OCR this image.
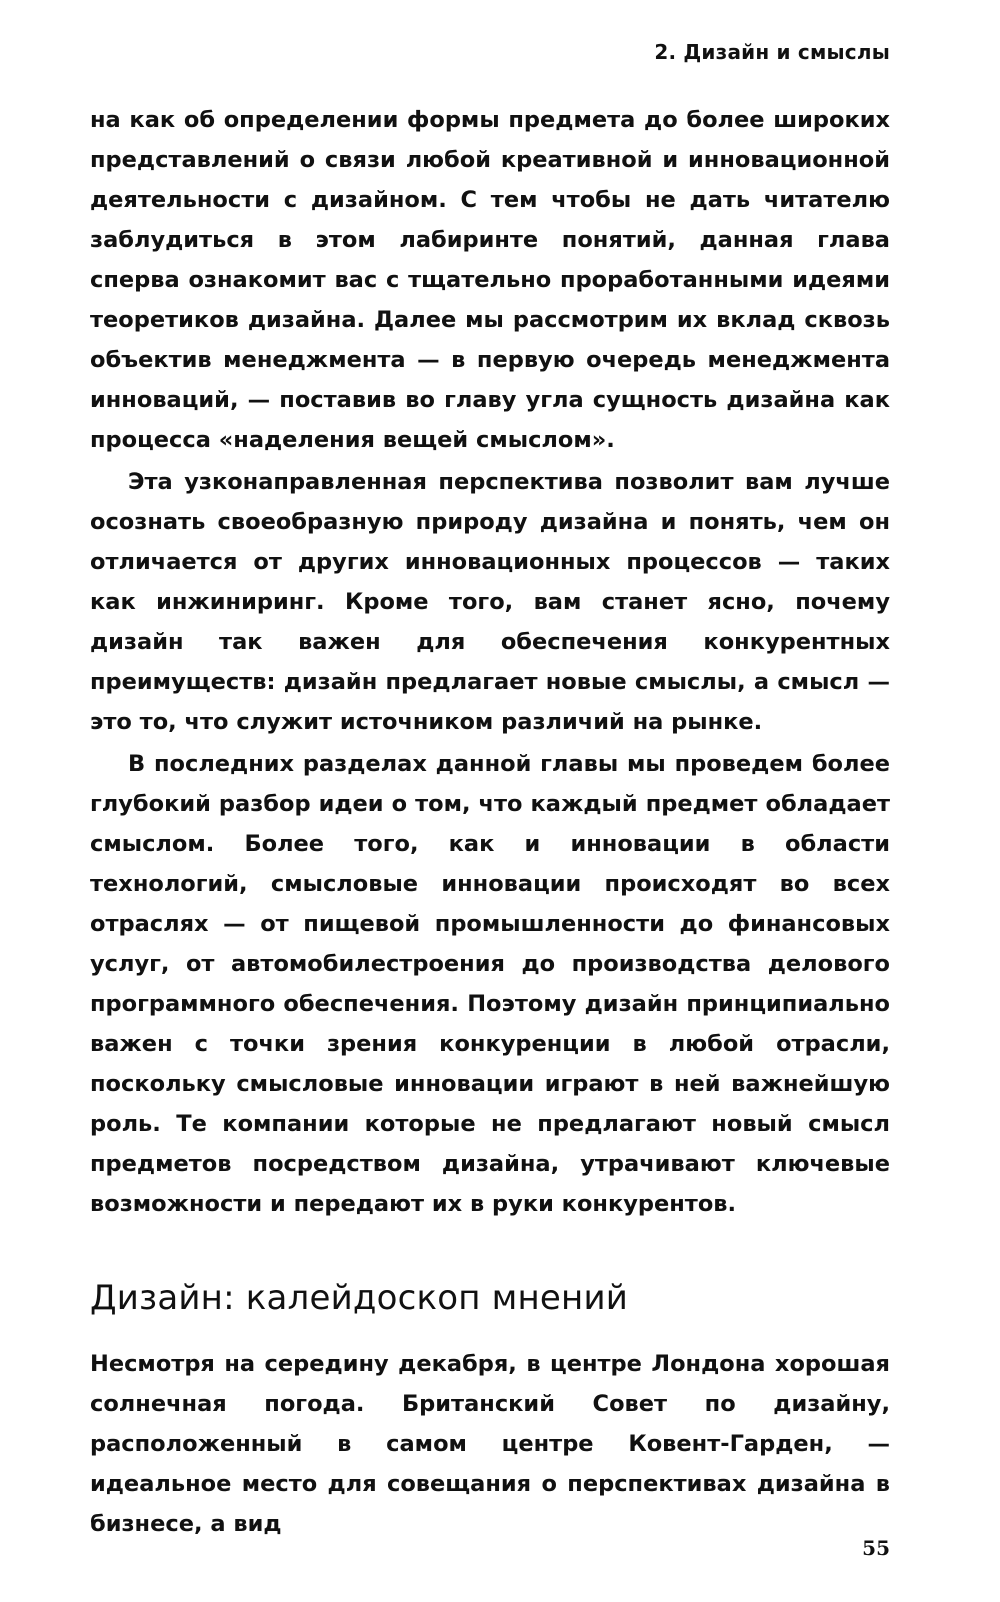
2. Дизайн и смыслы

на как об определении формы предмета до более широких представлений о связи любой креативной и инновационной деятельности с дизайном. С тем чтобы не дать читателю заблудиться в этом лабиринте понятий, данная глава сперва ознакомит вас с тщательно проработанными идеями теоретиков дизайна. Далее мы рассмотрим их вклад сквозь объектив менеджмента — в первую очередь менеджмента инноваций, — поставив во главу угла сущность дизайна как процесса «наделения вещей смыслом».

Эта узконаправленная перспектива позволит вам лучше осознать своеобразную природу дизайна и понять, чем он отличается от других инновационных процессов — таких как инжиниринг. Кроме того, вам станет ясно, почему дизайн так важен для обеспечения конкурентных преимуществ: дизайн предлагает новые смыслы, а смысл — это то, что служит источником различий на рынке.

В последних разделах данной главы мы проведем более глубокий разбор идеи о том, что каждый предмет обладает смыслом. Более того, как и инновации в области технологий, смысловые инновации происходят во всех отраслях — от пищевой промышленности до финансовых услуг, от автомобилестроения до производства делового программного обеспечения. Поэтому дизайн принципиально важен с точки зрения конкуренции в любой отрасли, поскольку смысловые инновации играют в ней важнейшую роль. Те компании которые не предлагают новый смысл предметов посредством дизайна, утрачивают ключевые возможности и передают их в руки конкурентов.

Дизайн: калейдоскоп мнений

Несмотря на середину декабря, в центре Лондона хорошая солнечная погода. Британский Совет по дизайну, расположенный в самом центре Ковент-Гарден, — идеальное место для совещания о перспективах дизайна в бизнесе, а вид

55
